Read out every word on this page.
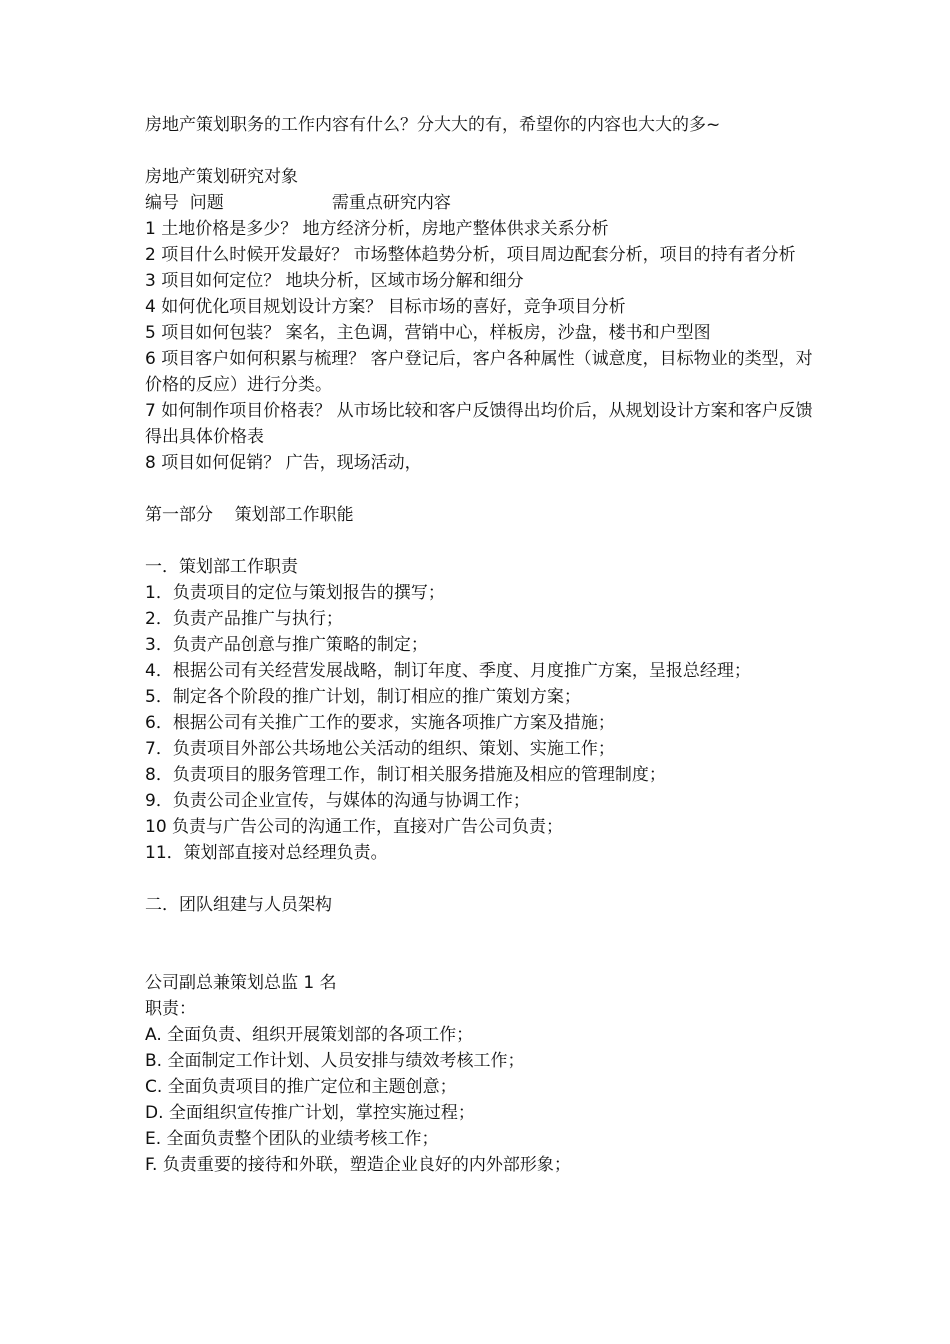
房地产策划职务的工作内容有什么？分大大的有，希望你的内容也大大的多~
房地产策划研究对象
编号  问题                    需重点研究内容
1 土地价格是多少？ 地方经济分析，房地产整体供求关系分析
2 项目什么时候开发最好？ 市场整体趋势分析，项目周边配套分析，项目的持有者分析
3 项目如何定位？ 地块分析，区域市场分解和细分
4 如何优化项目规划设计方案？ 目标市场的喜好，竞争项目分析
5 项目如何包装？ 案名，主色调，营销中心，样板房，沙盘，楼书和户型图
6 项目客户如何积累与梳理？ 客户登记后，客户各种属性（诚意度，目标物业的类型，对价格的反应）进行分类。
7 如何制作项目价格表？ 从市场比较和客户反馈得出均价后，从规划设计方案和客户反馈得出具体价格表
8 项目如何促销？ 广告，现场活动，
第一部分    策划部工作职能
一．策划部工作职责
1．负责项目的定位与策划报告的撰写；
2．负责产品推广与执行；
3．负责产品创意与推广策略的制定；
4．根据公司有关经营发展战略，制订年度、季度、月度推广方案，呈报总经理；
5．制定各个阶段的推广计划，制订相应的推广策划方案；
6．根据公司有关推广工作的要求，实施各项推广方案及措施；
7．负责项目外部公共场地公关活动的组织、策划、实施工作；
8．负责项目的服务管理工作，制订相关服务措施及相应的管理制度；
9．负责公司企业宣传，与媒体的沟通与协调工作；
10 负责与广告公司的沟通工作，直接对广告公司负责；
11．策划部直接对总经理负责。
二．团队组建与人员架构
公司副总兼策划总监 1 名
职责：
A. 全面负责、组织开展策划部的各项工作；
B. 全面制定工作计划、人员安排与绩效考核工作；
C. 全面负责项目的推广定位和主题创意；
D. 全面组织宣传推广计划，掌控实施过程；
E. 全面负责整个团队的业绩考核工作；
F. 负责重要的接待和外联，塑造企业良好的内外部形象；
